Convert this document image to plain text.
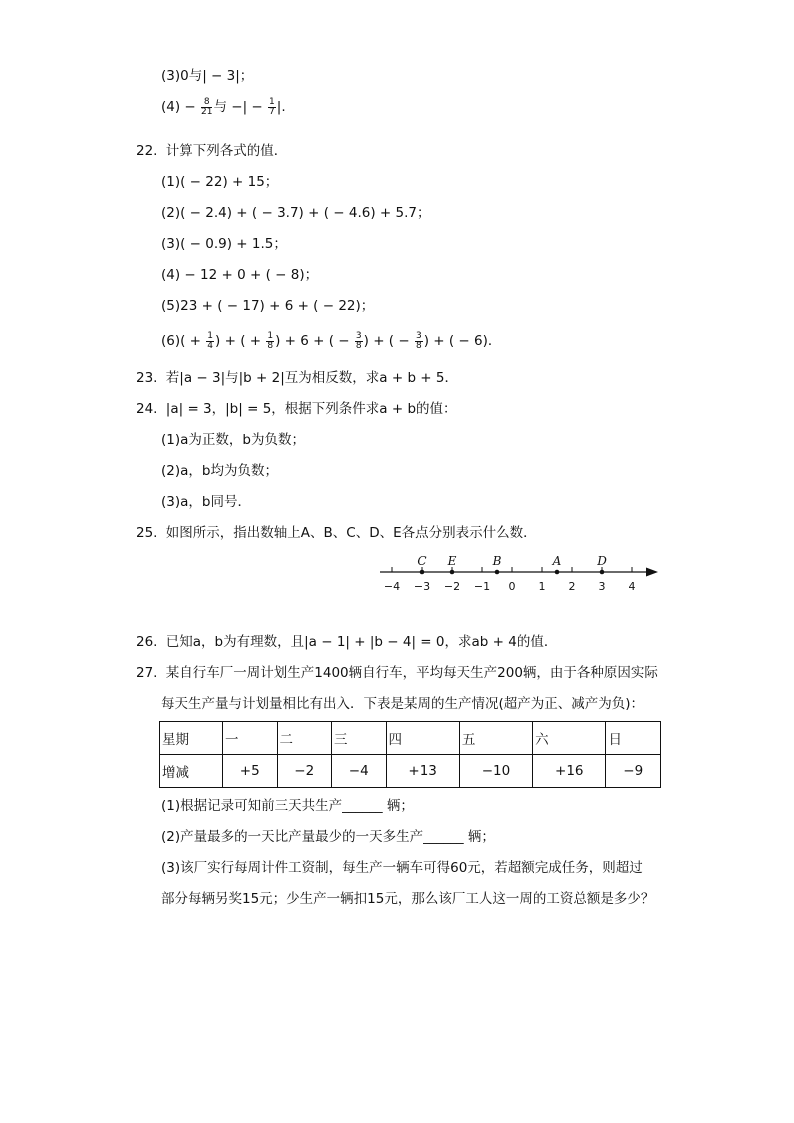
(3)0与| − 3|；
$(4) - \frac{8}{21}$ 与 −| − $\frac{1}{7}$ |.
22. 计算下列各式的值．
(1)( − 22) + 15；
(2)( − 2.4) + ( − 3.7) + ( − 4.6) + 5.7；
(3)( − 0.9) + 1.5；
(4) − 12 + 0 + ( − 8)；
(5)23 + ( − 17) + 6 + ( − 22)；
$(6)( + \frac{1}{4}$ ) + ( + $\frac{1}{8}$ ) + 6 + ( − $\frac{3}{8}$ ) + ( − $\frac{3}{8}$ ) + ( − 6)．
23. 若|a − 3|与|b + 2|互为相反数，求a + b + 5．
24. |a| = 3，|b| = 5，根据下列条件求a + b的值：
(1)a为正数，b为负数；
(2)a，b均为负数；
(3)a，b同号．
25. 如图所示，指出数轴上A、B、C、D、E各点分别表示什么数．
−4 −3 −2 −1 0 1 2 3 4
C E	B	A	D
26. 已知a，b为有理数，且|a − 1| + |b − 4| = 0，求ab + 4的值．
27. 某自行车厂一周计划生产1400辆自行车，平均每天生产200辆，由于各种原因实际
每天生产量与计划量相比有出入．下表是某周的生产情况(超产为正、减产为负)：
星期	一	二	三	四	五	六	日
增减	+5	−2	−4	+13	−10	+16	−9
(1)根据记录可知前三天共生产______ 辆；
(2)产量最多的一天比产量最少的一天多生产______ 辆；
(3)该厂实行每周计件工资制，每生产一辆车可得60元，若超额完成任务，则超过
部分每辆另奖15元；少生产一辆扣15元，那么该厂工人这一周的工资总额是多少？
